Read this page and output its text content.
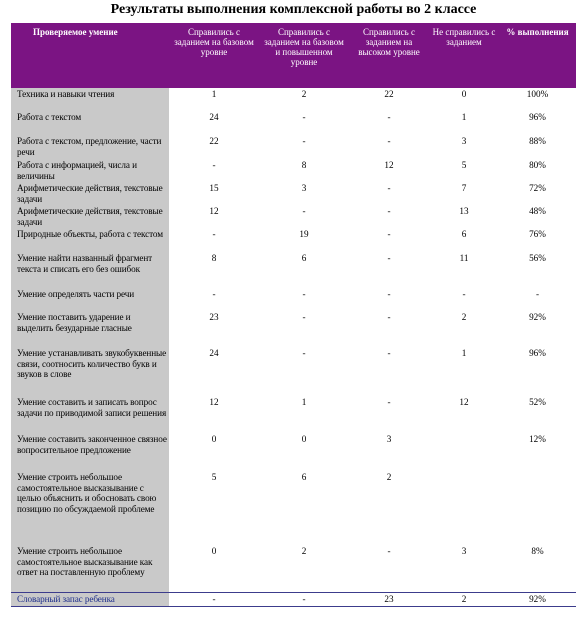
Результаты выполнения комплексной работы во 2 классе
Проверяемое умение	Справились с заданием на базовом уровне	Справились с заданием на базовом и повышенном уровне	Справились с заданием на высоком уровне	Не справились с заданием	% выполнения
Техника и навыки чтения	1	2	22	0	100%
Работа с текстом	24	-	-	1	96%
Работа с текстом, предложение, части речи	22	-	-	3	88%
Работа с информацией, числа и величины	-	8	12	5	80%
Арифметические действия, текстовые задачи	15	3	-	7	72%
Арифметические действия, текстовые задачи	12	-	-	13	48%
Природные объекты, работа с текстом	-	19	-	6	76%
Умение найти названный фрагмент текста и списать его без ошибок	8	6	-	11	56%
Умение определять части речи	-	-	-	-	-
Умение поставить ударение и выделить безударные гласные	23	-	-	2	92%
Умение устанавливать звукобуквенные связи, соотносить количество букв и звуков в слове	24	-	-	1	96%
Умение составить и записать вопрос задачи по приводимой записи решения	12	1	-	12	52%
Умение составить законченное связное вопросительное предложение	0	0	3		12%
Умение строить небольшое самостоятельное высказывание с целью объяснить и обосновать свою позицию по обсуждаемой проблеме	5	6	2		
Умение строить небольшое самостоятельное высказывание как ответ на поставленную проблему	0	2	-	3	8%
Словарный запас ребенка	-	-	23	2	92%
